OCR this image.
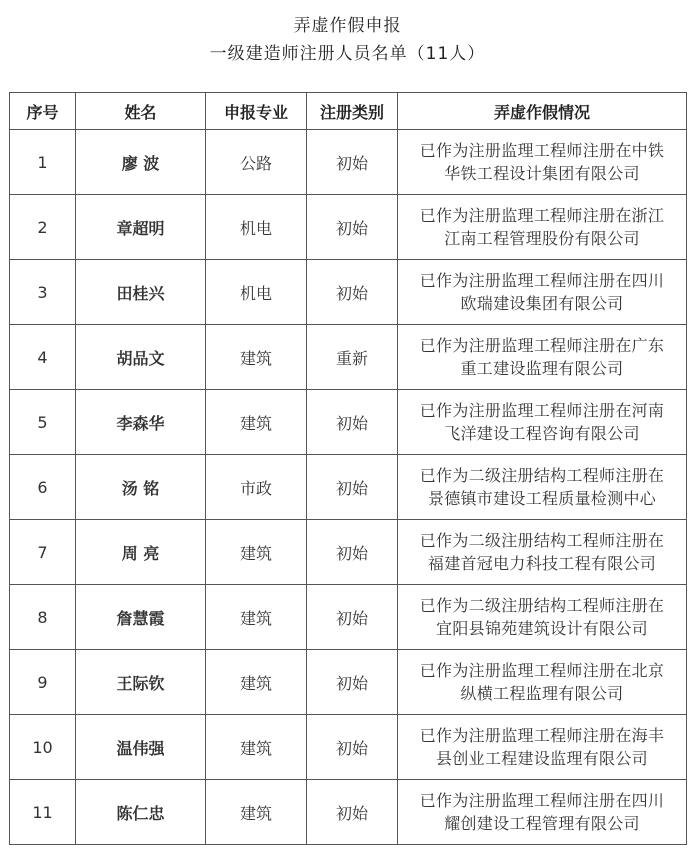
弄虚作假申报
一级建造师注册人员名单（11人）
序号	姓名	申报专业	注册类别	弄虚作假情况
1	廖 波	公路	初始	已作为注册监理工程师注册在中铁
华铁工程设计集团有限公司

2	章超明	机电	初始	已作为注册监理工程师注册在浙江
江南工程管理股份有限公司

3	田桂兴	机电	初始	已作为注册监理工程师注册在四川
欧瑞建设集团有限公司

4	胡品文	建筑	重新	已作为注册监理工程师注册在广东
重工建设监理有限公司

5	李森华	建筑	初始	已作为注册监理工程师注册在河南
飞洋建设工程咨询有限公司

6	汤 铭	市政	初始	已作为二级注册结构工程师注册在
景德镇市建设工程质量检测中心

7	周 亮	建筑	初始	已作为二级注册结构工程师注册在
福建首冠电力科技工程有限公司

8	詹慧霞	建筑	初始	已作为二级注册结构工程师注册在
宜阳县锦苑建筑设计有限公司

9	王际钦	建筑	初始	已作为注册监理工程师注册在北京
纵横工程监理有限公司

10	温伟强	建筑	初始	已作为注册监理工程师注册在海丰
县创业工程建设监理有限公司

11	陈仁忠	建筑	初始	已作为注册监理工程师注册在四川
耀创建设工程管理有限公司
